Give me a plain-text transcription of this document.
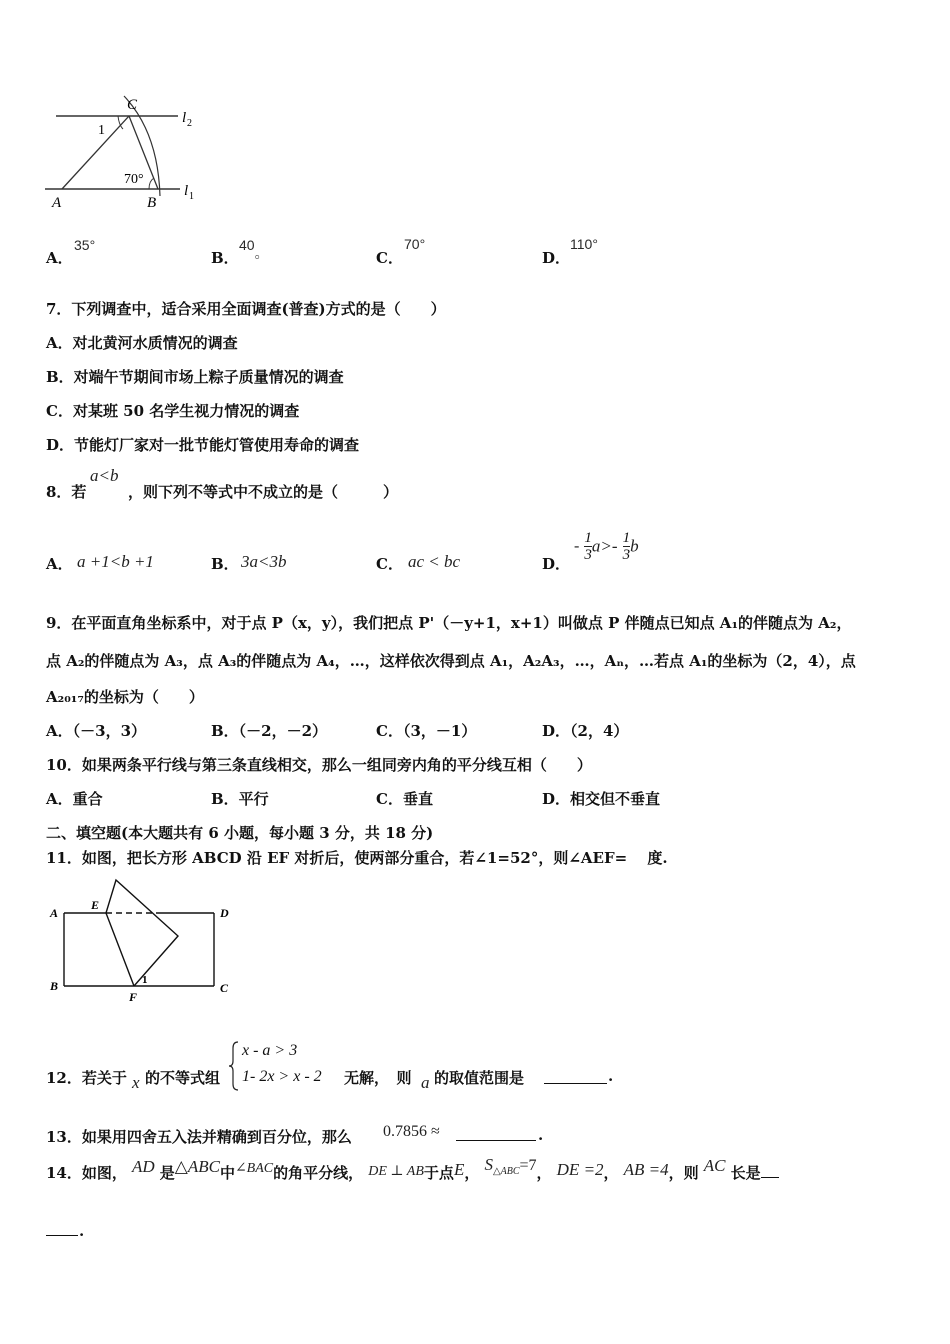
C
l 2
1
70°
A	B
l 1
A．
35°
B．
40。	C．
70°
D．
110°
7．下列调查中，适合采用全面调查(普查)方式的是（　　）
A．对北黄河水质情况的调查
B．对端午节期间市场上粽子质量情况的调查
C．对某班 50 名学生视力情况的调查
D．节能灯厂家对一批节能灯管使用寿命的调查
8．若
a<b
，则下列不等式中不成立的是（　　　）
A． a +1<b +1	B． 3a<3b	C． ac < bc	D．
- $\frac{1}{3} a>- \frac{1}{3}$ b
9．在平面直角坐标系中，对于点 P（x，y），我们把点 P'（－y+1，x+1）叫做点 P 伴随点已知点 A₁的伴随点为 A₂，
点 A₂的伴随点为 A₃，点 A₃的伴随点为 A₄，…，这样依次得到点 A₁，A₂A₃，…，Aₙ，…若点 A₁的坐标为（2，4），点
A₂₀₁₇的坐标为（　　）
A．（－3，3）	B．（－2，－2）	C．（3，－1）	D．（2，4）
10．如果两条平行线与第三条直线相交，那么一组同旁内角的平分线互相（　　）
A．重合	B．平行	C．垂直	D．相交但不垂直
二、填空题(本大题共有 6 小题，每小题 3 分，共 18 分)
11．如图，把长方形 ABCD 沿 EF 对折后，使两部分重合，若∠1=52°，则∠AEF=　 度.
A
E
D
B
F
C
1
12．若关于 x 的不等式组
x - a > 3
1- 2x > x - 2 无解，　则 a 的取值范围是	.
13．如果用四舍五入法并精确到百分位，那么 0.7856 ≈	.
14．如图， AD 是△ABC中∠BAC的角平分线， DE ⊥ AB于点E， $S^{\triangle ABC}=7$， DE =2， AB =4，则 AC 长是
.
